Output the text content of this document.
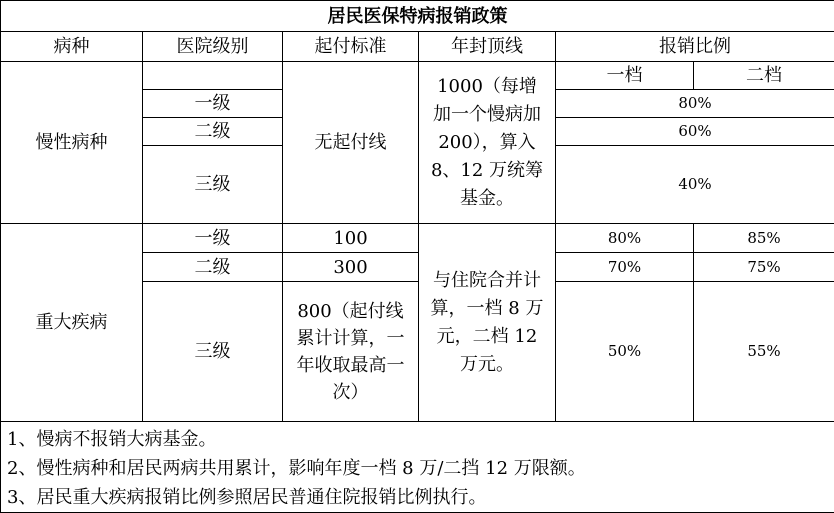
居民医保特病报销政策					
病种	医院级别	起付标准	年封顶线	报销比例	
慢性病种		无起付线	1000（每增加一个慢病加 200），算入 8、12 万统筹基金。	一档	二档
	一级			80%	
	二级			60%	
	三级			40%	

重大疾病	一级	100	与住院合并计算，一档 8 万元，二档 12 万元。	80%	85%
	二级	300		70%	75%
	三级	800（起付线累计计算，一年收取最高一次）		50%	55%

1、慢病不报销大病基金。
2、慢性病种和居民两病共用累计，影响年度一档 8 万/二挡 12 万限额。
3、居民重大疾病报销比例参照居民普通住院报销比例执行。					
